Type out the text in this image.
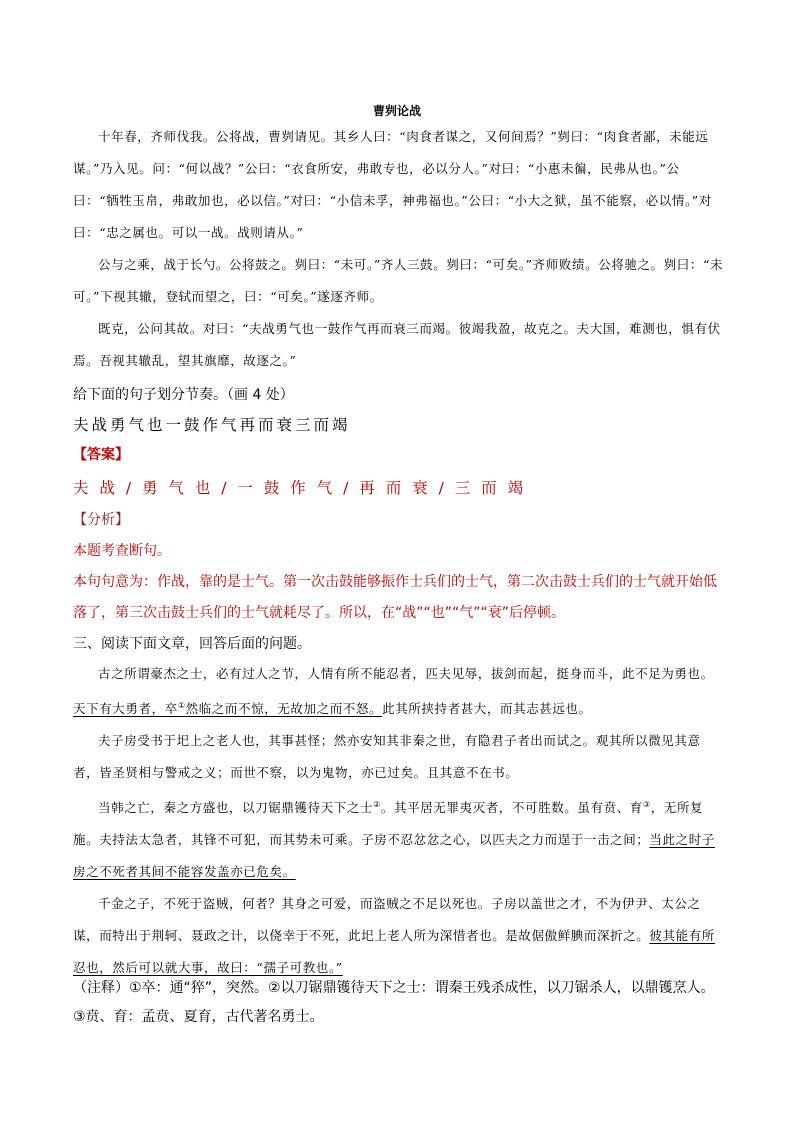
曹刿论战

十年春，齐师伐我。公将战，曹刿请见。其乡人曰：“肉食者谋之，又何间焉？”刿曰：“肉食者鄙，未能远谋。”乃入见。问：“何以战？”公曰：“衣食所安，弗敢专也，必以分人。”对曰：“小惠未徧，民弗从也。”公曰：“牺牲玉帛，弗敢加也，必以信。”对曰：“小信未孚，神弗福也。”公曰：“小大之狱，虽不能察，必以情。”对曰：“忠之属也。可以一战。战则请从。”

公与之乘，战于长勺。公将鼓之。刿曰：“未可。”齐人三鼓。刿曰：“可矣。”齐师败绩。公将驰之。刿曰：“未可。”下视其辙，登轼而望之，曰：“可矣。”遂逐齐师。

既克，公问其故。对曰：“夫战勇气也一鼓作气再而衰三而竭。彼竭我盈，故克之。夫大国，难测也，惧有伏焉。吾视其辙乱，望其旗靡，故逐之。”

给下面的句子划分节奏。（画 4 处）
夫战勇气也一鼓作气再而衰三而竭
【答案】
夫 战 / 勇 气 也 / 一 鼓 作 气 / 再 而 衰 / 三 而 竭
【分析】
本题考查断句。
本句句意为：作战，靠的是士气。第一次击鼓能够振作士兵们的士气，第二次击鼓士兵们的士气就开始低
落了，第三次击鼓士兵们的士气就耗尽了。所以，在“战”“也”“气”“衰”后停顿。
三、阅读下面文章，回答后面的问题。

古之所谓豪杰之士，必有过人之节，人情有所不能忍者，匹夫见辱，拔剑而起，挺身而斗，此不足为勇也。天下有大勇者，卒①然临之而不惊，无故加之而不怒。此其所挟持者甚大，而其志甚远也。

夫子房受书于圯上之老人也，其事甚怪；然亦安知其非秦之世，有隐君子者出而试之。观其所以微见其意者，皆圣贤相与警戒之义；而世不察，以为鬼物，亦已过矣。且其意不在书。

当韩之亡，秦之方盛也，以刀锯鼎镬待天下之士②。其平居无罪夷灭者，不可胜数。虽有贲、育③，无所复施。夫持法太急者，其锋不可犯，而其势未可乘。子房不忍忿忿之心，以匹夫之力而逞于一击之间；当此之时子房之不死者其间不能容发盖亦已危矣。

千金之子，不死于盗贼，何者？其身之可爱，而盗贼之不足以死也。子房以盖世之才，不为伊尹、太公之谋，而特出于荆轲、聂政之计，以侥幸于不死，此圯上老人所为深惜者也。是故倨傲鲜腆而深折之。彼其能有所忍也，然后可以就大事，故曰：“孺子可教也。”

（注释）①卒：通“猝”，突然。②以刀锯鼎镬待天下之士：谓秦王残杀成性，以刀锯杀人，以鼎镬烹人。
③贲、育：孟贲、夏育，古代著名勇士。
